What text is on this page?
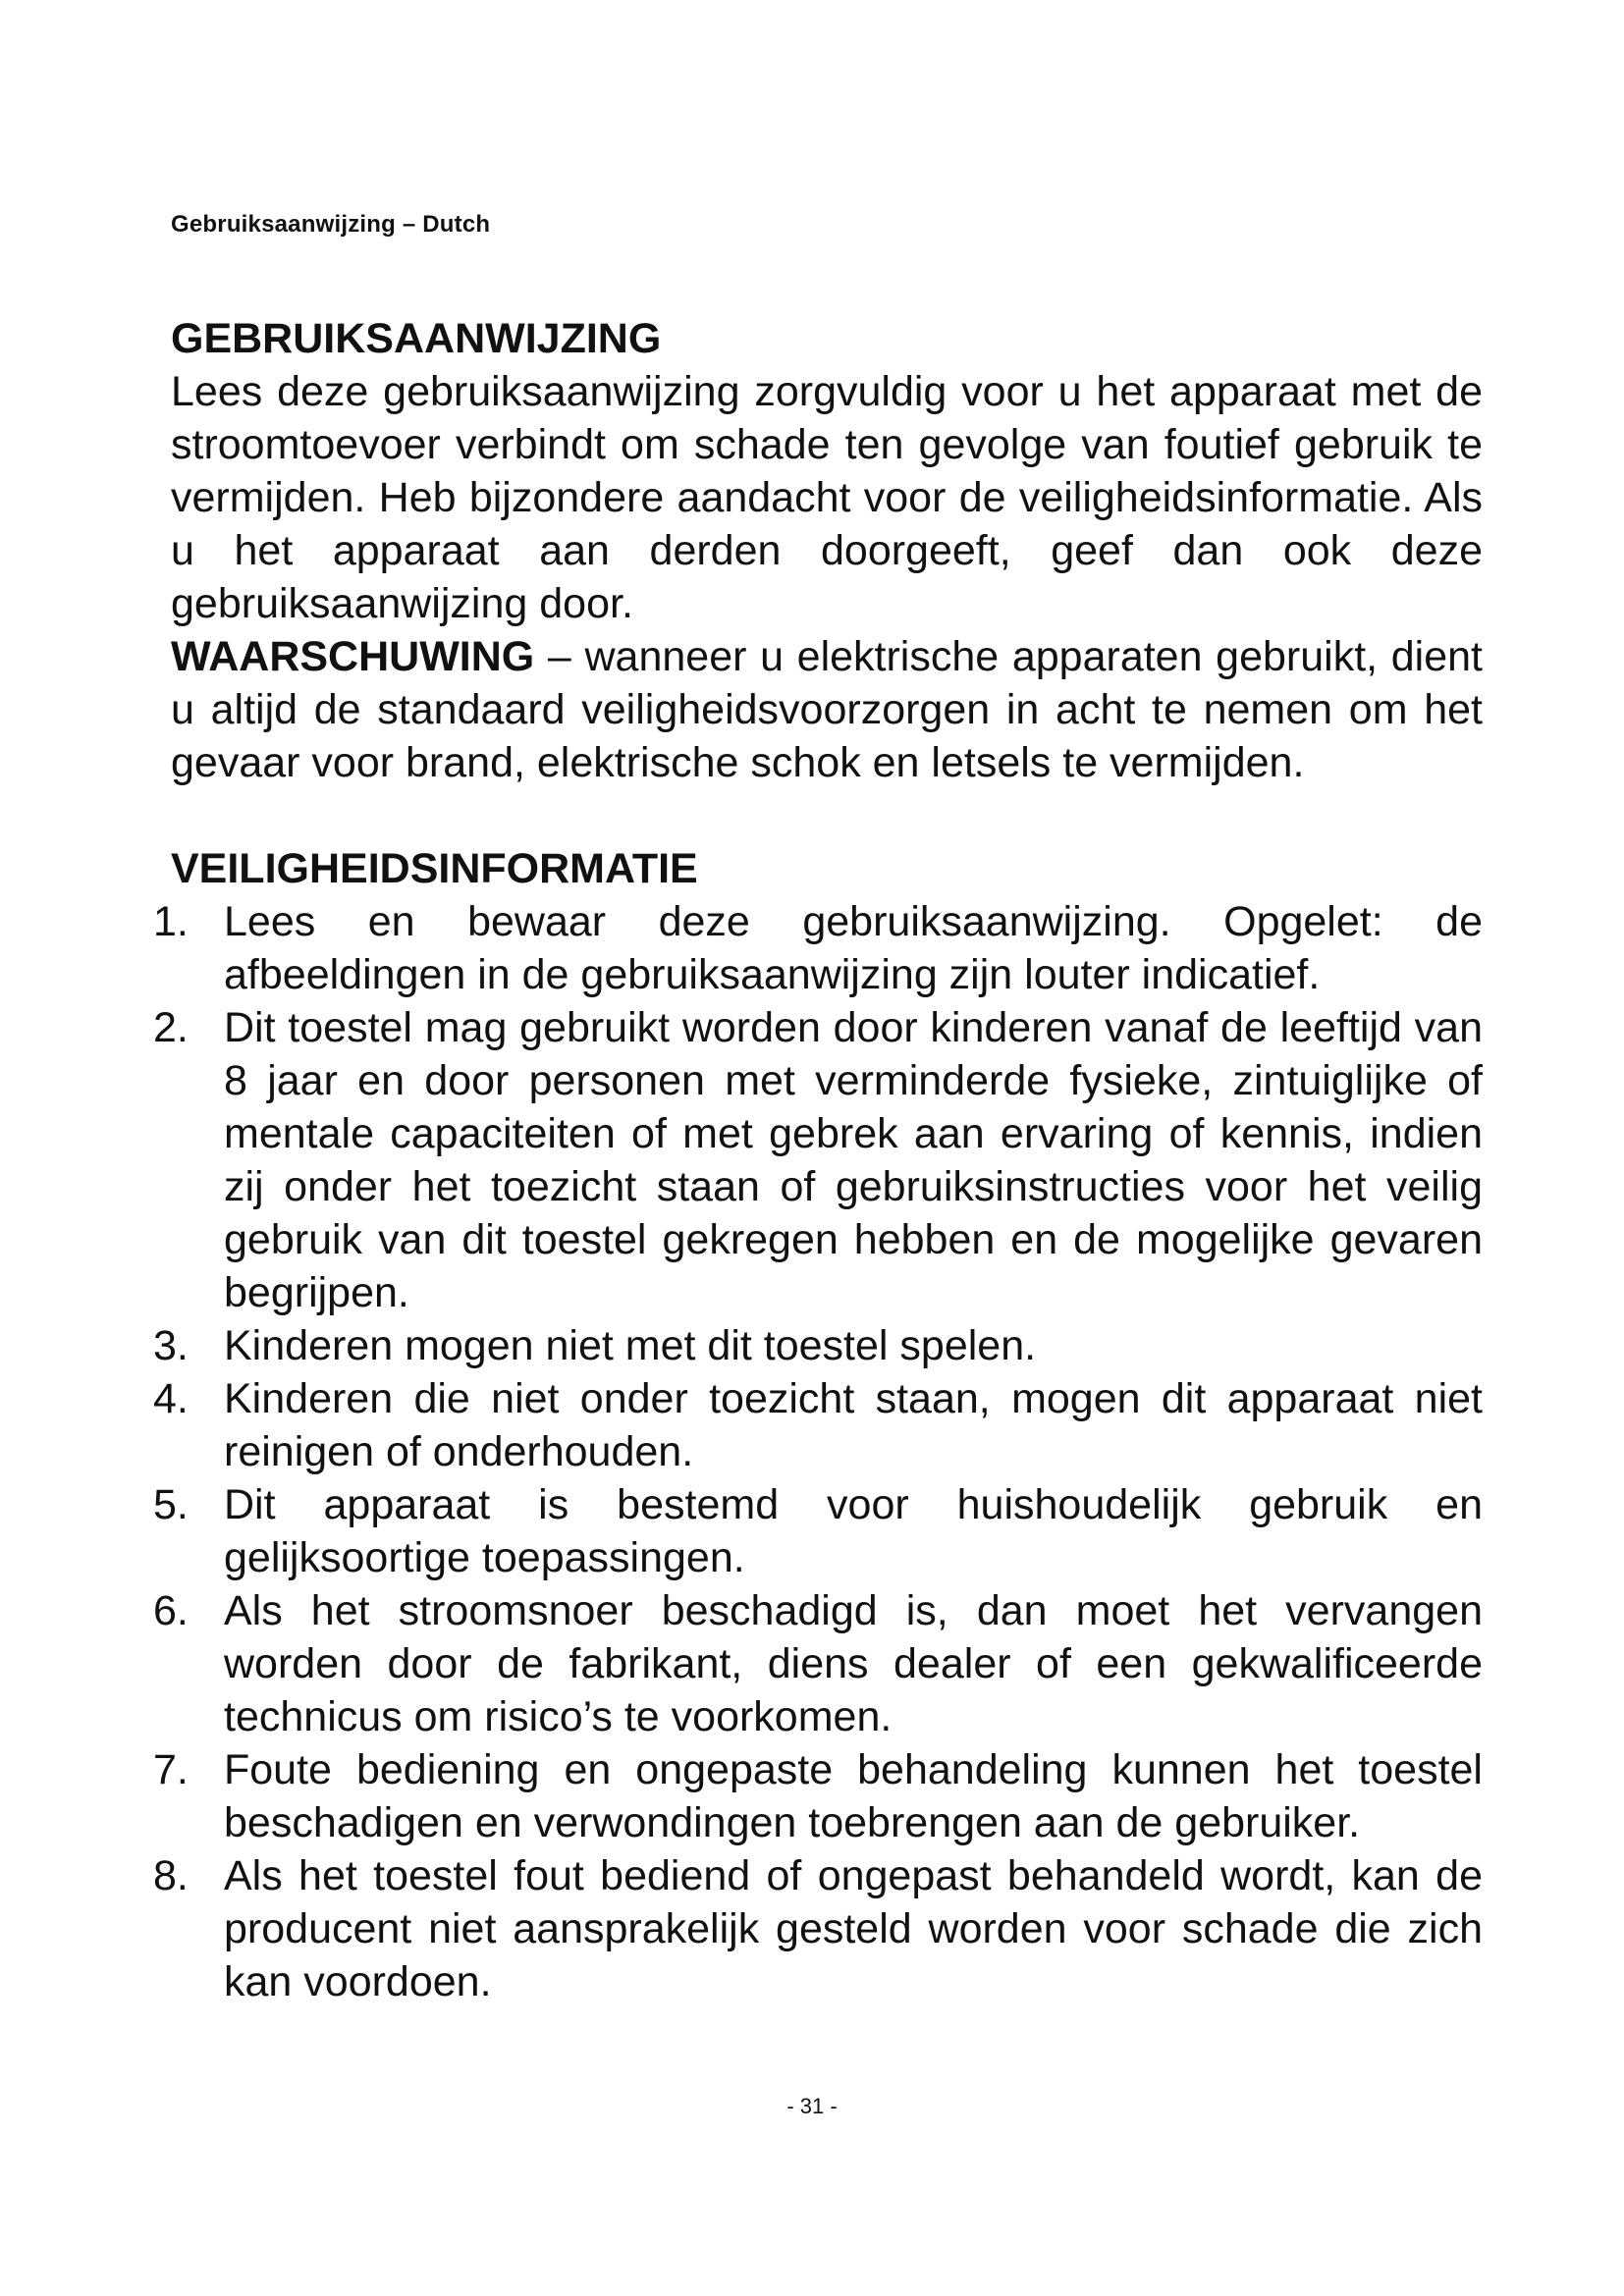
Gebruiksaanwijzing – Dutch
GEBRUIKSAANWIJZING

Lees deze gebruiksaanwijzing zorgvuldig voor u het apparaat met de stroomtoevoer verbindt om schade ten gevolge van foutief gebruik te vermijden. Heb bijzondere aandacht voor de veiligheidsinformatie. Als u het apparaat aan derden doorgeeft, geef dan ook deze gebruiksaanwijzing door.

WAARSCHUWING – wanneer u elektrische apparaten gebruikt, dient u altijd de standaard veiligheidsvoorzorgen in acht te nemen om het gevaar voor brand, elektrische schok en letsels te vermijden.

VEILIGHEIDSINFORMATIE
1. Lees en bewaar deze gebruiksaanwijzing. Opgelet: de afbeeldingen in de gebruiksaanwijzing zijn louter indicatief.
2. Dit toestel mag gebruikt worden door kinderen vanaf de leeftijd van 8 jaar en door personen met verminderde fysieke, zintuiglijke of mentale capaciteiten of met gebrek aan ervaring of kennis, indien zij onder het toezicht staan of gebruiksinstructies voor het veilig gebruik van dit toestel gekregen hebben en de mogelijke gevaren begrijpen.
3. Kinderen mogen niet met dit toestel spelen.
4. Kinderen die niet onder toezicht staan, mogen dit apparaat niet reinigen of onderhouden.
5. Dit apparaat is bestemd voor huishoudelijk gebruik en gelijksoortige toepassingen.
6. Als het stroomsnoer beschadigd is, dan moet het vervangen worden door de fabrikant, diens dealer of een gekwalificeerde technicus om risico’s te voorkomen.
7. Foute bediening en ongepaste behandeling kunnen het toestel beschadigen en verwondingen toebrengen aan de gebruiker.
8. Als het toestel fout bediend of ongepast behandeld wordt, kan de producent niet aansprakelijk gesteld worden voor schade die zich kan voordoen.
- 31 -
